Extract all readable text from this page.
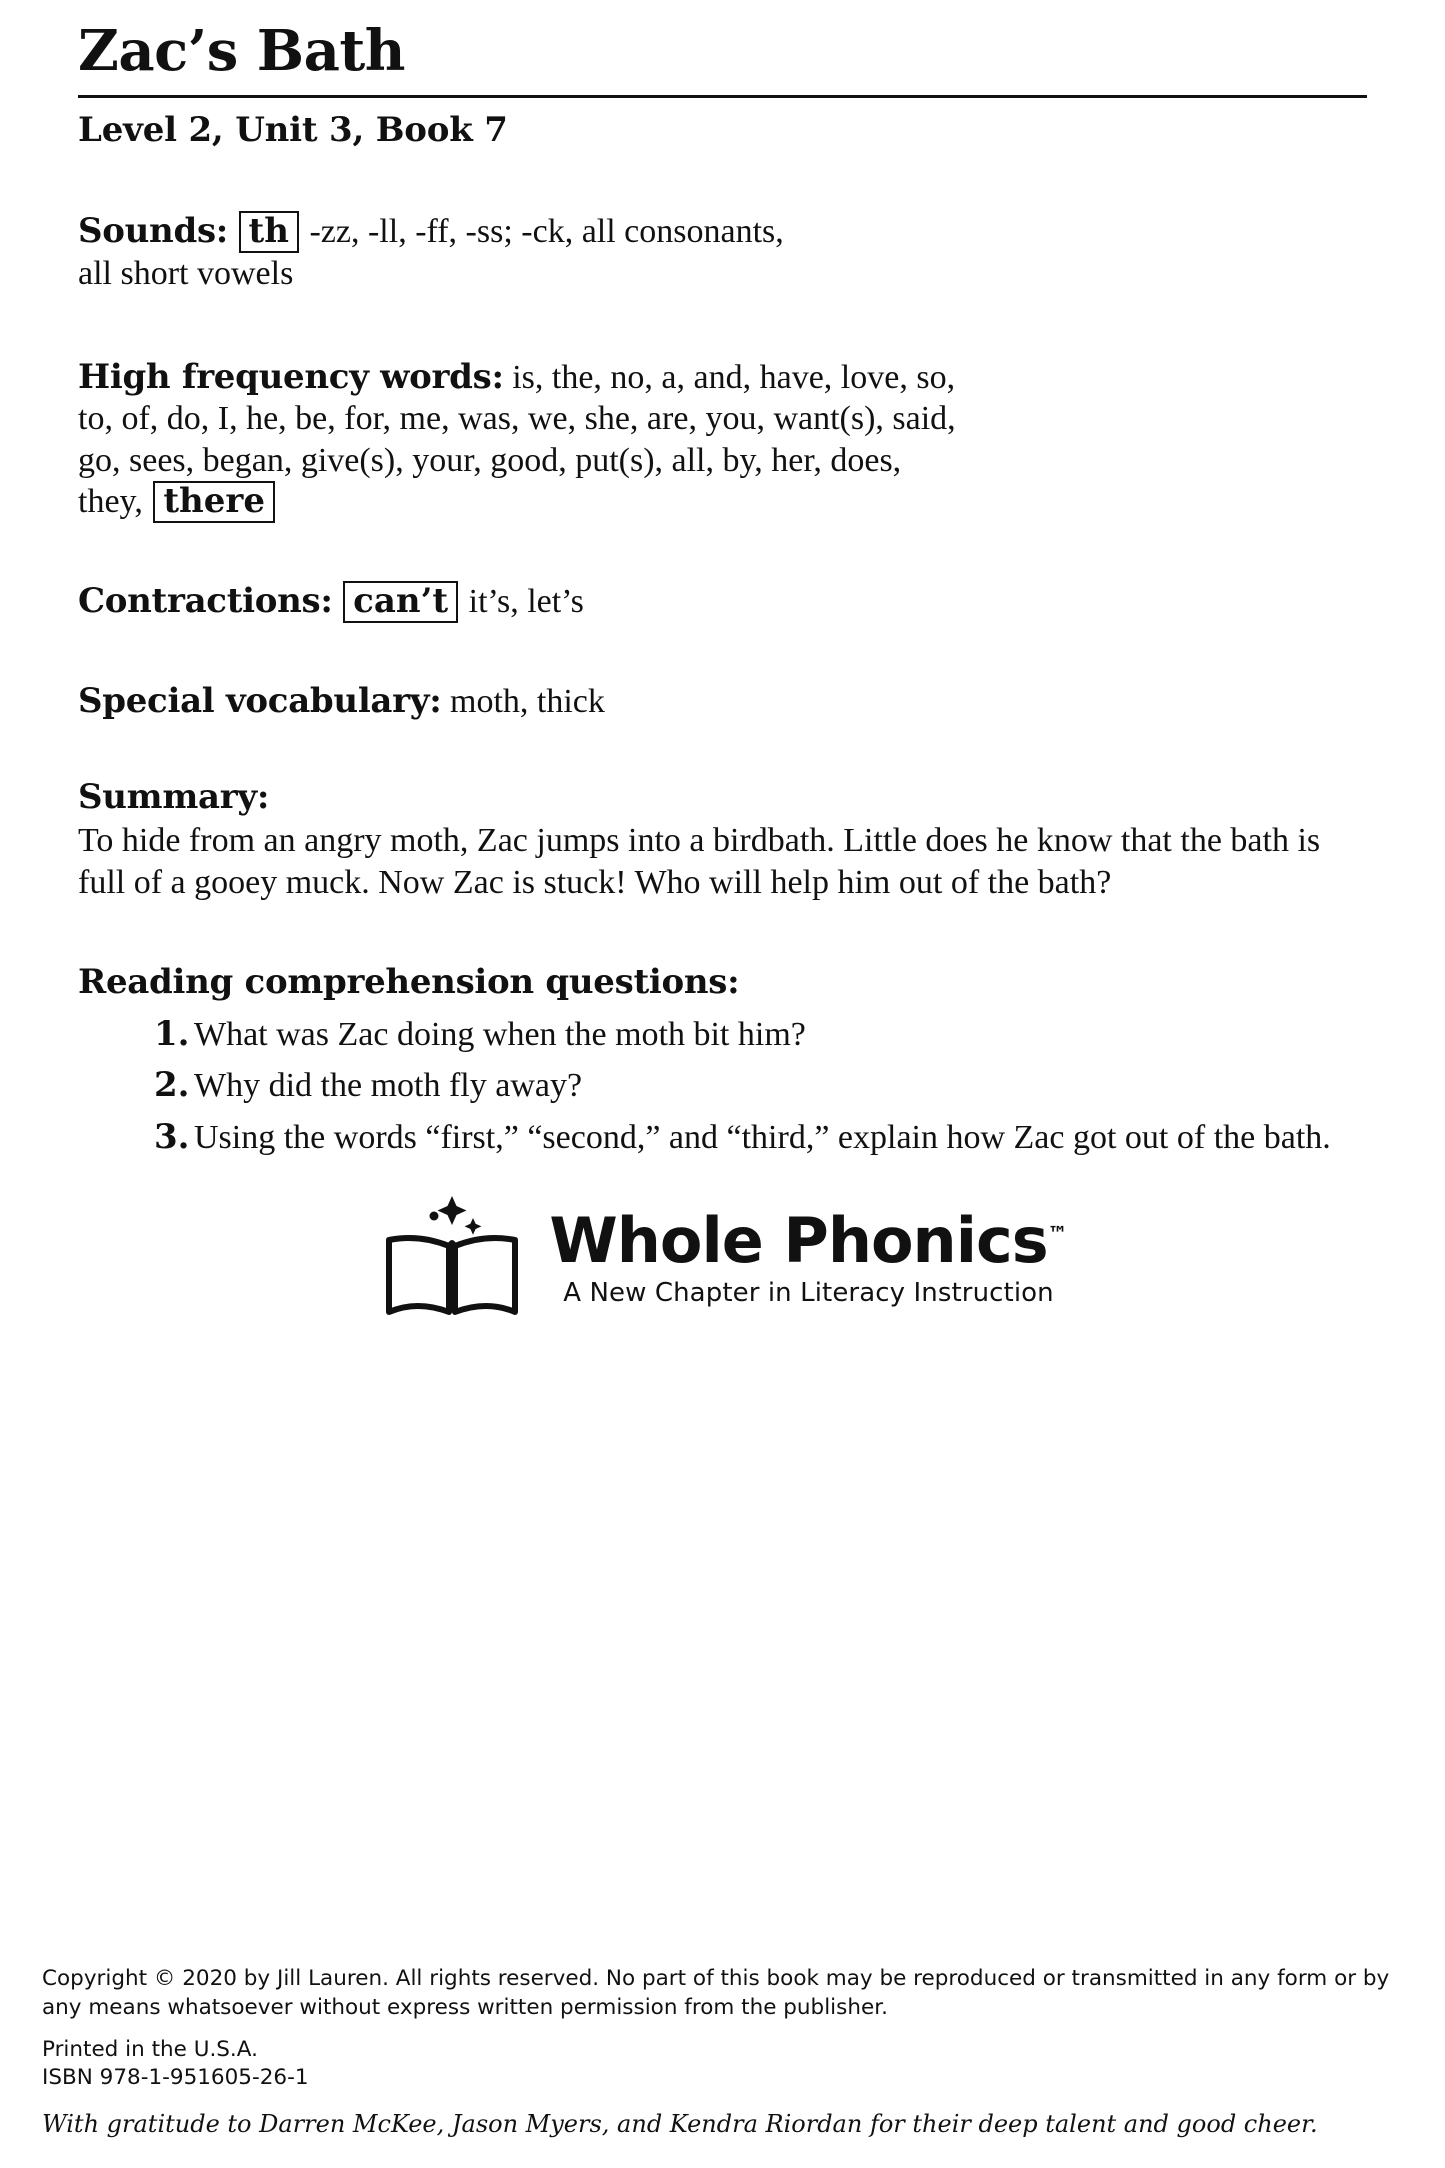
Zac’s Bath
Level 2, Unit 3, Book 7
Sounds: th -zz, -ll, -ff, -ss; -ck, all consonants,
all short vowels
High frequency words: is, the, no, a, and, have, love, so,
to, of, do, I, he, be, for, me, was, we, she, are, you, want(s), said,
go, sees, began, give(s), your, good, put(s), all, by, her, does,
they, there
Contractions: can’t it’s, let’s
Special vocabulary: moth, thick
Summary:
To hide from an angry moth, Zac jumps into a birdbath. Little does he know that the bath is full of a gooey muck. Now Zac is stuck! Who will help him out of the bath?
Reading comprehension questions:
1. What was Zac doing when the moth bit him?
2. Why did the moth fly away?
3. Using the words “first,” “second,” and “third,” explain how Zac got out of the bath.
Whole Phonics™
A New Chapter in Literacy Instruction
Copyright © 2020 by Jill Lauren. All rights reserved. No part of this book may be reproduced or transmitted in any form or by any means whatsoever without express written permission from the publisher.
Printed in the U.S.A.
ISBN 978-1-951605-26-1
With gratitude to Darren McKee, Jason Myers, and Kendra Riordan for their deep talent and good cheer.
